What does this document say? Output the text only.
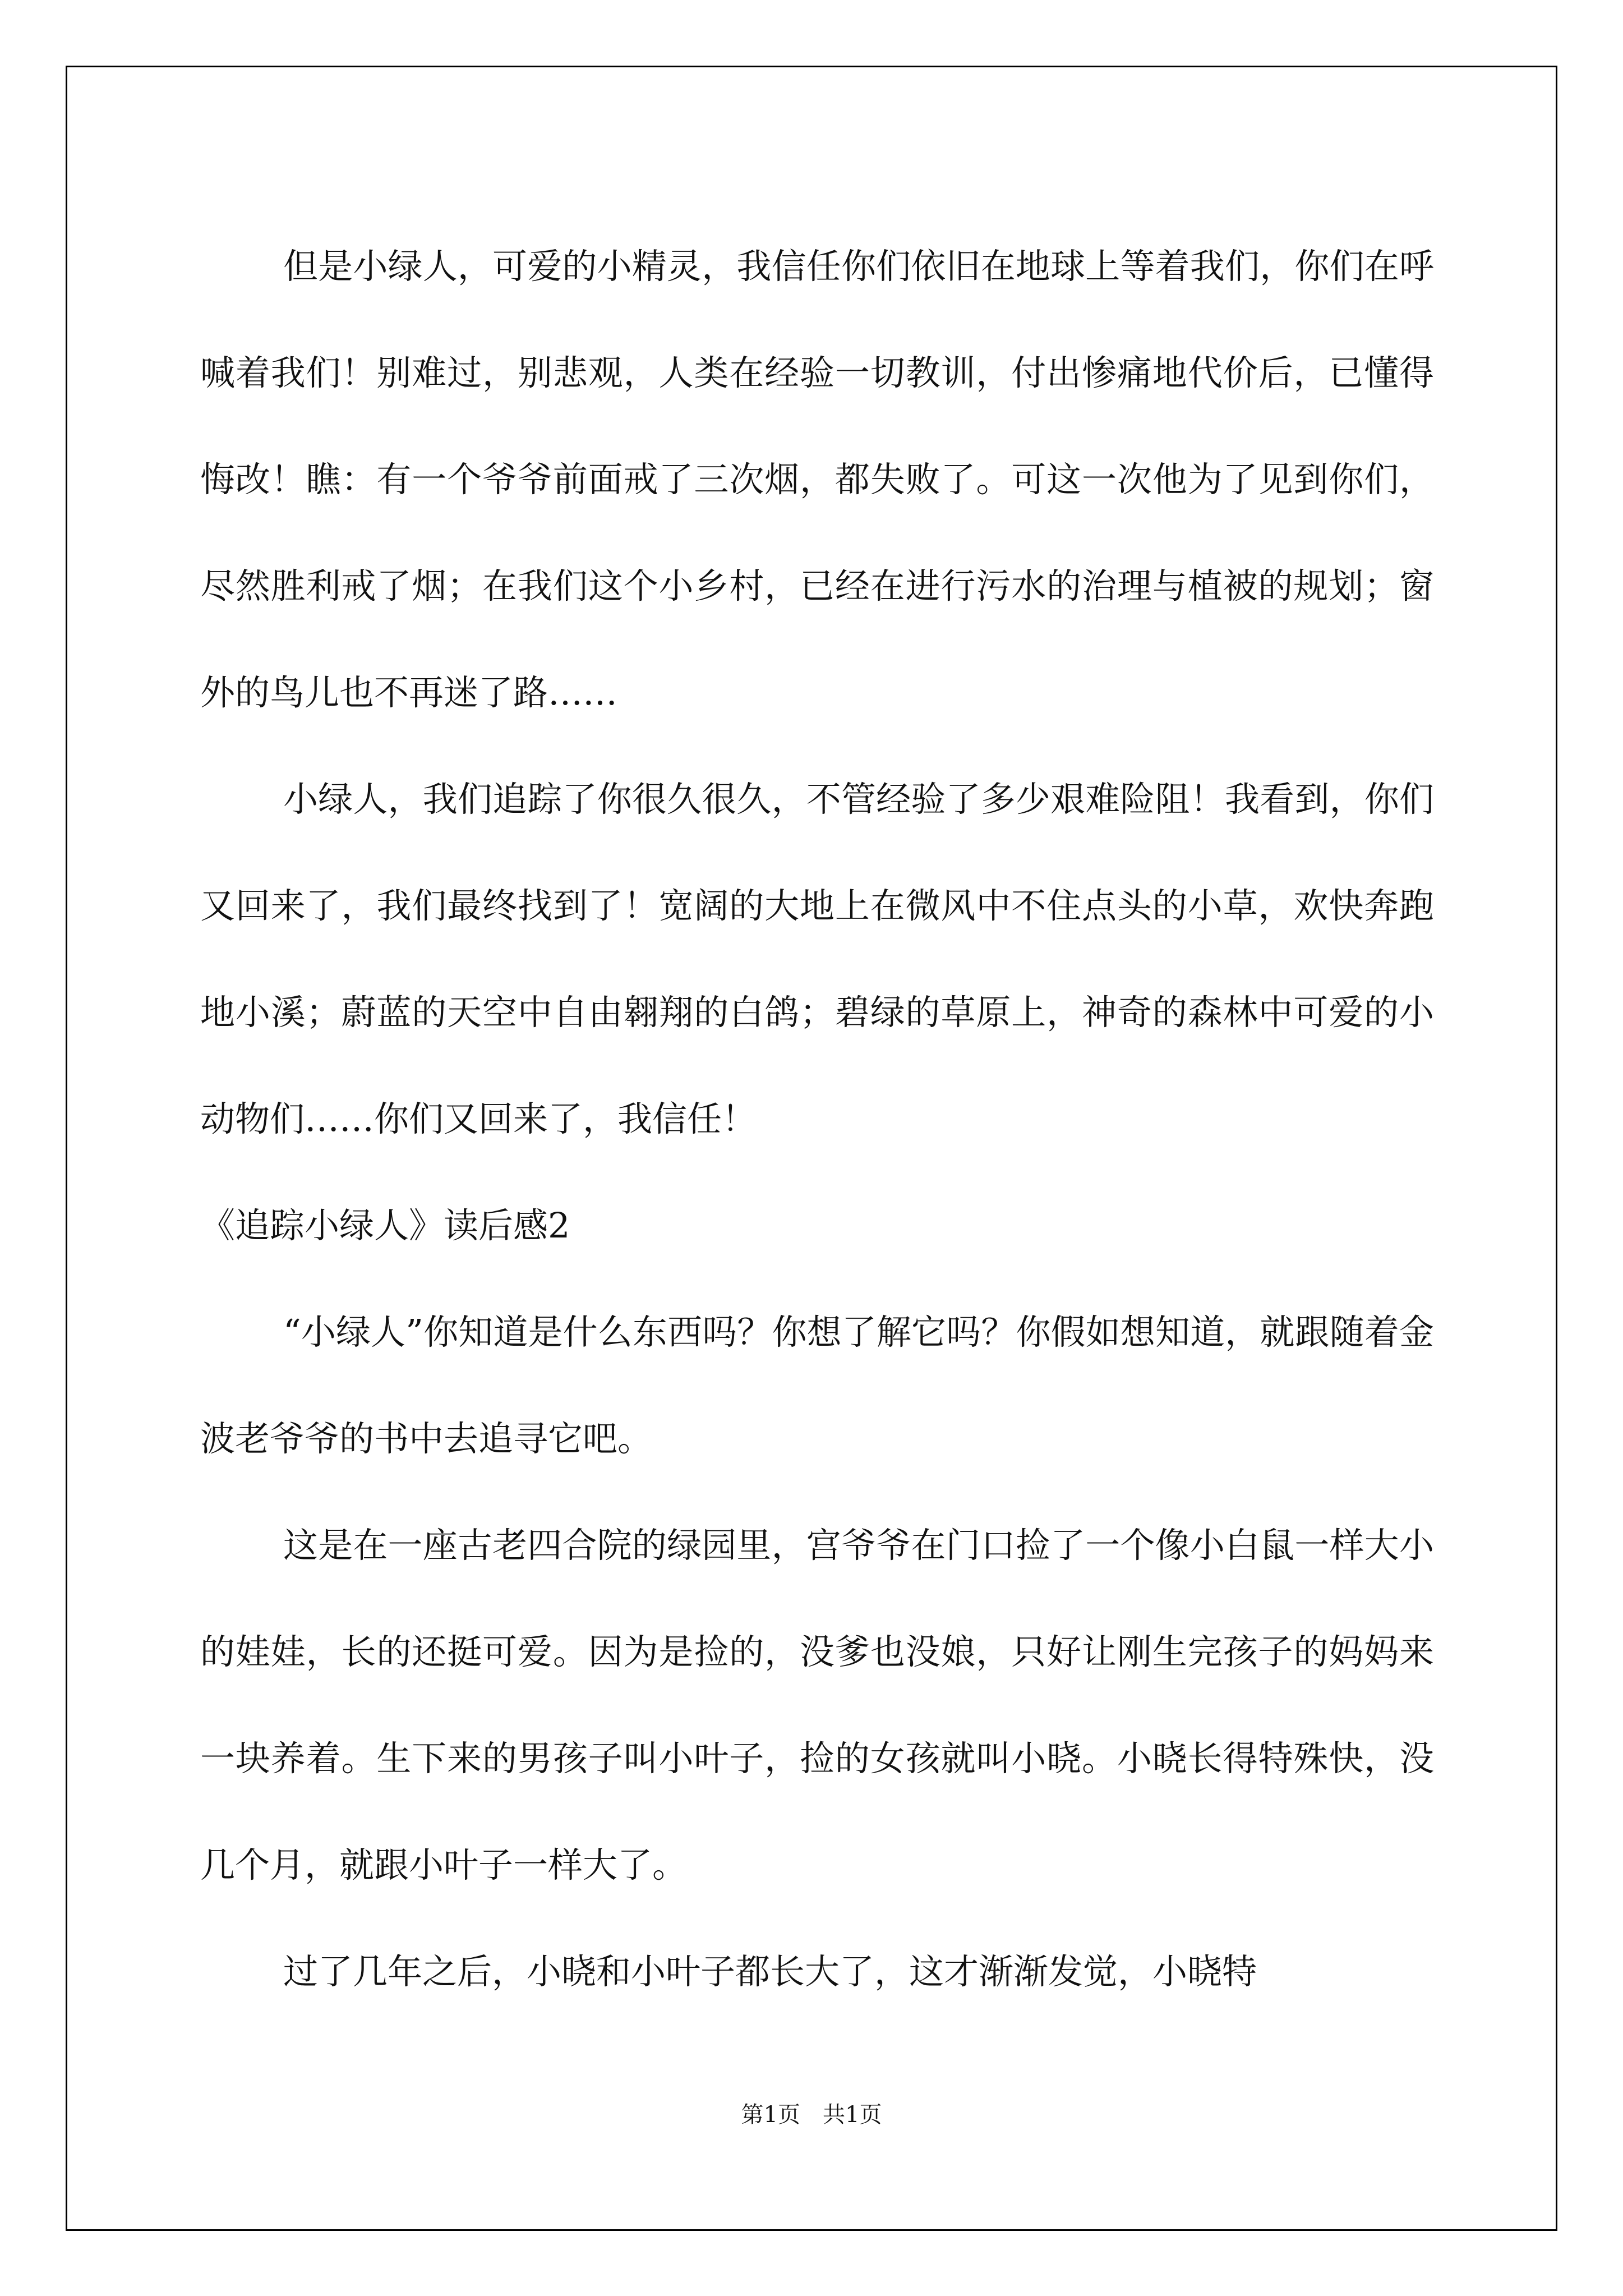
但是小绿人，可爱的小精灵，我信任你们依旧在地球上等着我们，你们在呼喊着我们！别难过，别悲观，人类在经验一切教训，付出惨痛地代价后，已懂得悔改！瞧：有一个爷爷前面戒了三次烟，都失败了。可这一次他为了见到你们，尽然胜利戒了烟；在我们这个小乡村，已经在进行污水的治理与植被的规划；窗外的鸟儿也不再迷了路……

小绿人，我们追踪了你很久很久，不管经验了多少艰难险阻！我看到，你们又回来了，我们最终找到了！宽阔的大地上在微风中不住点头的小草，欢快奔跑地小溪；蔚蓝的天空中自由翱翔的白鸽；碧绿的草原上，神奇的森林中可爱的小动物们……你们又回来了，我信任！

《追踪小绿人》读后感2

“小绿人”你知道是什么东西吗？你想了解它吗？你假如想知道，就跟随着金波老爷爷的书中去追寻它吧。

这是在一座古老四合院的绿园里，宫爷爷在门口捡了一个像小白鼠一样大小的娃娃，长的还挺可爱。因为是捡的，没爹也没娘，只好让刚生完孩子的妈妈来一块养着。生下来的男孩子叫小叶子，捡的女孩就叫小晓。小晓长得特殊快，没几个月，就跟小叶子一样大了。

过了几年之后，小晓和小叶子都长大了，这才渐渐发觉，小晓特

第1页　共1页
